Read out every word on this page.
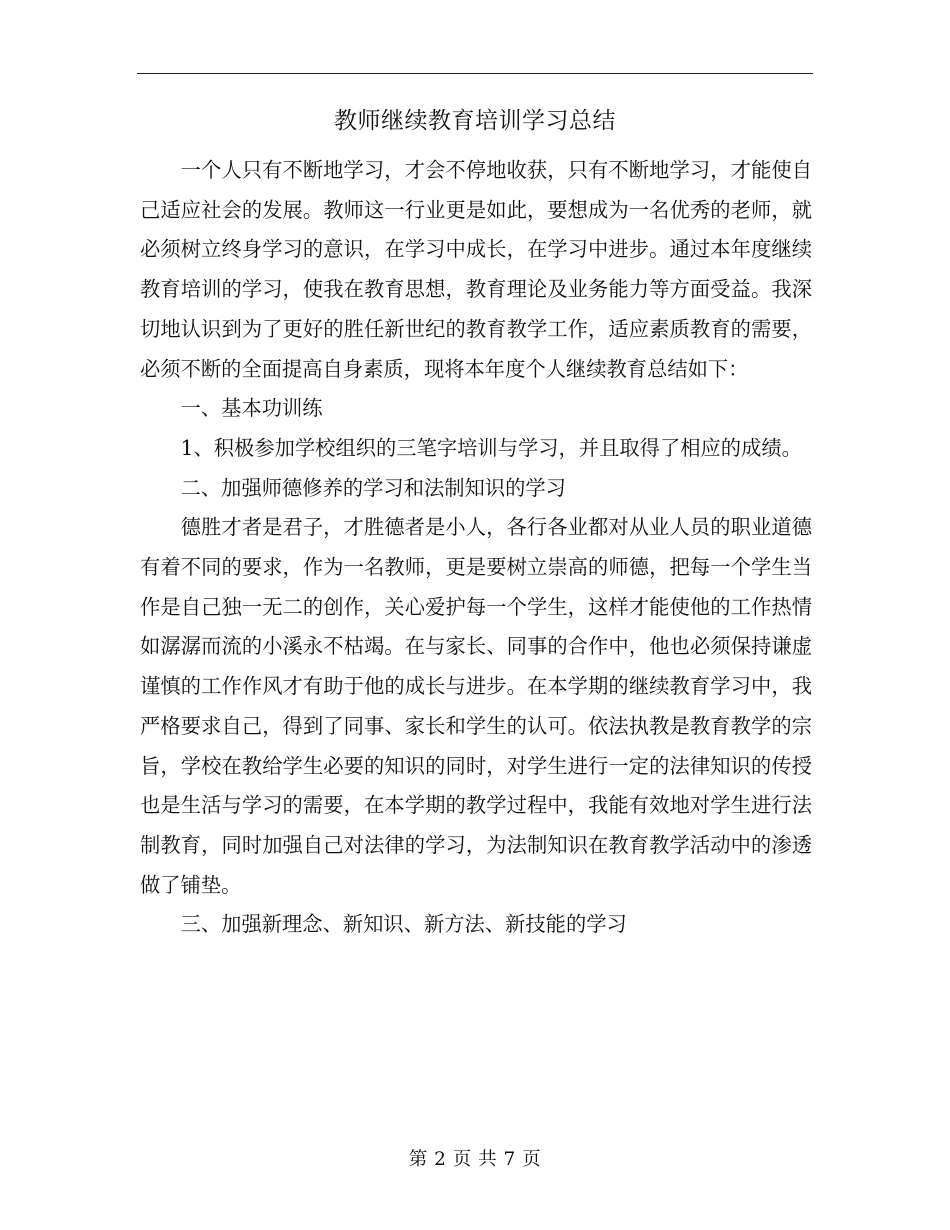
教师继续教育培训学习总结

一个人只有不断地学习，才会不停地收获，只有不断地学习，才能使自己适应社会的发展。教师这一行业更是如此，要想成为一名优秀的老师，就必须树立终身学习的意识，在学习中成长，在学习中进步。通过本年度继续教育培训的学习，使我在教育思想，教育理论及业务能力等方面受益。我深切地认识到为了更好的胜任新世纪的教育教学工作，适应素质教育的需要，必须不断的全面提高自身素质，现将本年度个人继续教育总结如下：

一、基本功训练

1、积极参加学校组织的三笔字培训与学习，并且取得了相应的成绩。

二、加强师德修养的学习和法制知识的学习

德胜才者是君子，才胜德者是小人，各行各业都对从业人员的职业道德有着不同的要求，作为一名教师，更是要树立崇高的师德，把每一个学生当作是自己独一无二的创作，关心爱护每一个学生，这样才能使他的工作热情如潺潺而流的小溪永不枯竭。在与家长、同事的合作中，他也必须保持谦虚谨慎的工作作风才有助于他的成长与进步。在本学期的继续教育学习中，我严格要求自己，得到了同事、家长和学生的认可。依法执教是教育教学的宗旨，学校在教给学生必要的知识的同时，对学生进行一定的法律知识的传授也是生活与学习的需要，在本学期的教学过程中，我能有效地对学生进行法制教育，同时加强自己对法律的学习，为法制知识在教育教学活动中的渗透做了铺垫。

三、加强新理念、新知识、新方法、新技能的学习

第 2 页 共 7 页
